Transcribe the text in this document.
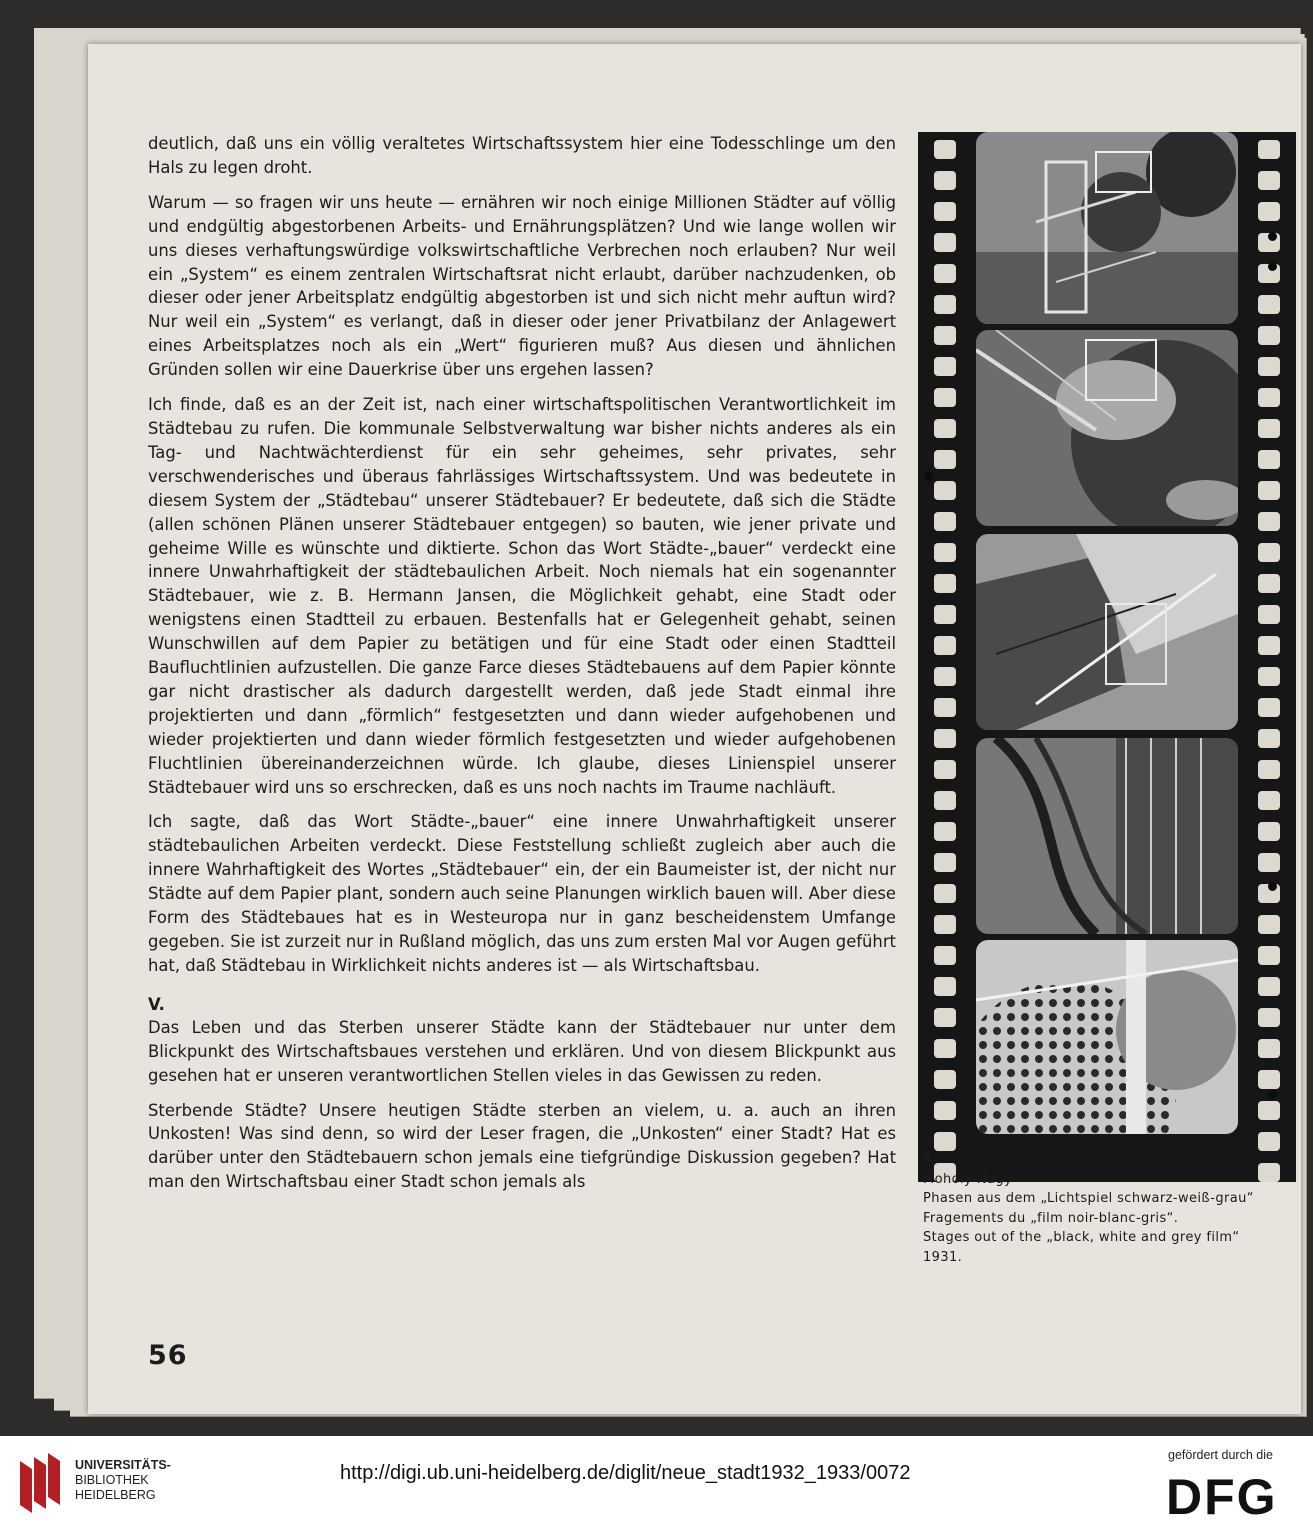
deutlich, daß uns ein völlig veraltetes Wirtschaftssystem hier eine Todesschlinge um den Hals zu legen droht.

Warum — so fragen wir uns heute — ernähren wir noch einige Millionen Städter auf völlig und endgültig abgestorbenen Arbeits- und Ernährungsplätzen? Und wie lange wollen wir uns dieses verhaftungswürdige volkswirtschaftliche Verbrechen noch erlauben? Nur weil ein „System“ es einem zentralen Wirtschaftsrat nicht erlaubt, darüber nachzudenken, ob dieser oder jener Arbeitsplatz endgültig abgestorben ist und sich nicht mehr auftun wird? Nur weil ein „System“ es verlangt, daß in dieser oder jener Privatbilanz der Anlagewert eines Arbeitsplatzes noch als ein „Wert“ figurieren muß? Aus diesen und ähnlichen Gründen sollen wir eine Dauerkrise über uns ergehen lassen?

Ich finde, daß es an der Zeit ist, nach einer wirtschaftspolitischen Verantwortlichkeit im Städtebau zu rufen. Die kommunale Selbstverwaltung war bisher nichts anderes als ein Tag- und Nachtwächterdienst für ein sehr geheimes, sehr privates, sehr verschwenderisches und überaus fahrlässiges Wirtschaftssystem. Und was bedeutete in diesem System der „Städtebau“ unserer Städtebauer? Er bedeutete, daß sich die Städte (allen schönen Plänen unserer Städtebauer entgegen) so bauten, wie jener private und geheime Wille es wünschte und diktierte. Schon das Wort Städte-„bauer“ verdeckt eine innere Unwahrhaftigkeit der städtebaulichen Arbeit. Noch niemals hat ein sogenannter Städtebauer, wie z. B. Hermann Jansen, die Möglichkeit gehabt, eine Stadt oder wenigstens einen Stadtteil zu erbauen. Bestenfalls hat er Gelegenheit gehabt, seinen Wunschwillen auf dem Papier zu betätigen und für eine Stadt oder einen Stadtteil Baufluchtlinien aufzustellen. Die ganze Farce dieses Städtebauens auf dem Papier könnte gar nicht drastischer als dadurch dargestellt werden, daß jede Stadt einmal ihre projektierten und dann „förmlich“ festgesetzten und dann wieder aufgehobenen und wieder projektierten und dann wieder förmlich festgesetzten und wieder aufgehobenen Fluchtlinien übereinanderzeichnen würde. Ich glaube, dieses Linienspiel unserer Städtebauer wird uns so erschrecken, daß es uns noch nachts im Traume nachläuft.

Ich sagte, daß das Wort Städte-„bauer“ eine innere Unwahrhaftigkeit unserer städtebaulichen Arbeiten verdeckt. Diese Feststellung schließt zugleich aber auch die innere Wahrhaftigkeit des Wortes „Städtebauer“ ein, der ein Baumeister ist, der nicht nur Städte auf dem Papier plant, sondern auch seine Planungen wirklich bauen will. Aber diese Form des Städtebaues hat es in Westeuropa nur in ganz bescheidenstem Umfange gegeben. Sie ist zurzeit nur in Rußland möglich, das uns zum ersten Mal vor Augen geführt hat, daß Städtebau in Wirklichkeit nichts anderes ist — als Wirtschaftsbau.

V.

Das Leben und das Sterben unserer Städte kann der Städtebauer nur unter dem Blickpunkt des Wirtschaftsbaues verstehen und erklären. Und von diesem Blickpunkt aus gesehen hat er unseren verantwortlichen Stellen vieles in das Gewissen zu reden.

Sterbende Städte? Unsere heutigen Städte sterben an vielem, u. a. auch an ihren Unkosten! Was sind denn, so wird der Leser fragen, die „Unkosten“ einer Stadt? Hat es darüber unter den Städtebauern schon jemals eine tiefgründige Diskussion gegeben? Hat man den Wirtschaftsbau einer Stadt schon jemals als

56
9
Moholy-Nagy
Phasen aus dem „Lichtspiel schwarz-weiß-grau“
Fragements du „film noir-blanc-gris“.
Stages out of the „black, white and grey film“
1931.
UNIVERSITÄTS-
BIBLIOTHEK
HEIDELBERG
http://digi.ub.uni-heidelberg.de/diglit/neue_stadt1932_1933/0072
gefördert durch die
DFG
